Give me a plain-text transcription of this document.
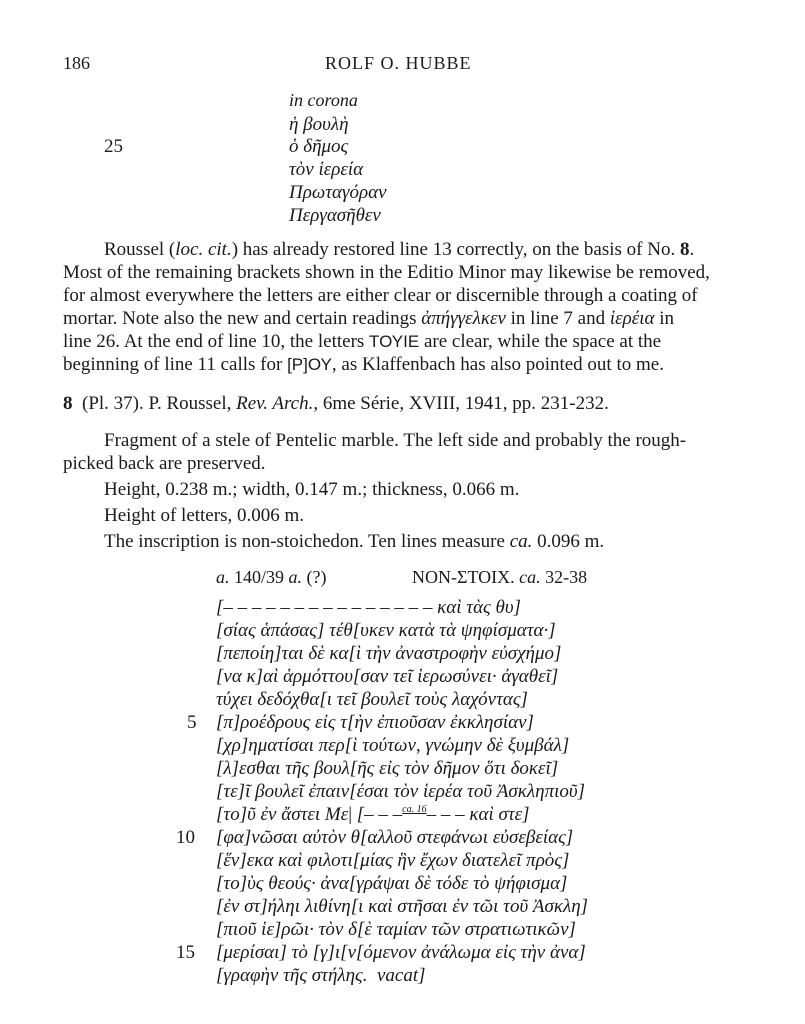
186	ROLF O. HUBBE
in corona
ἡ βουλὴ
25	ὁ δῆμος
τὸν ἱερεία
Πρωταγόραν
Περγασῆθεν
Roussel (loc. cit.) has already restored line 13 correctly, on the basis of No. 8.
Most of the remaining brackets shown in the Editio Minor may likewise be removed,
for almost everywhere the letters are either clear or discernible through a coating of
mortar. Note also the new and certain readings ἀπήγγελκεν in line 7 and ἱερέια in
line 26. At the end of line 10, the letters ΤΟΥΙΕ are clear, while the space at the
beginning of line 11 calls for [Ρ]ΟΥ, as Klaffenbach has also pointed out to me.
8 (Pl. 37). P. Roussel, Rev. Arch., 6me Série, XVIII, 1941, pp. 231-232.
Fragment of a stele of Pentelic marble. The left side and probably the rough-
picked back are preserved.
Height, 0.238 m.; width, 0.147 m.; thickness, 0.066 m.
Height of letters, 0.006 m.
The inscription is non-stoichedon. Ten lines measure ca. 0.096 m.
a. 140/39 a. (?)	ΝΟΝ-ΣΤΟΙΧ. ca. 32-38
[– – – – – – – – – – – – – – – καὶ τὰς θυ]
[σίας ἁπάσας] τέθ[υκεν κατὰ τὰ ψηφίσματα·]
[πεποίη]ται δὲ κα[ὶ τὴν ἀναστροφὴν εὐσχήμο]
[να κ]αὶ ἁρμόττου[σαν τεῖ ἱερωσύνει· ἀγαθεῖ]
τύχει δεδόχθα[ι τεῖ βουλεῖ τοὺς λαχόντας]
5 [π]ροέδρους εἰς τ[ὴν ἐπιοῦσαν ἐκκλησίαν]
[χρ]ηματίσαι περ[ὶ τούτων, γνώμην δὲ ξυμβάλ]
[λ]εσθαι τῆς βουλ[ῆς εἰς τὸν δῆμον ὅτι δοκεῖ]
[τε]ῖ βουλεῖ ἐπαιν[έσαι τὸν ἱερέα τοῦ Ἀσκληπιοῦ]
[το]ῦ ἐν ἄστει Με| [– – –$^{ca. 16}$– – – καὶ στε]
10 [φα]νῶσαι αὐτὸν θ[αλλοῦ στεφάνωι εὐσεβείας]
[ἕν]εκα καὶ φιλοτι[μίας ἣν ἔχων διατελεῖ πρὸς]
[το]ὺς θεούς· ἀνα[γράψαι δὲ τόδε τὸ ψήφισμα]
[ἐν στ]ήληι λιθίνη[ι καὶ στῆσαι ἐν τῶι τοῦ Ἀσκλη]
[πιοῦ ἱε]ρῶι· τὸν δ[ὲ ταμίαν τῶν στρατιωτικῶν]
15 [μερίσαι] τὸ [γ]ι[ν[όμενον ἀνάλωμα εἰς τὴν ἀνα]
[γραφὴν τῆς στήλης. vacat]
